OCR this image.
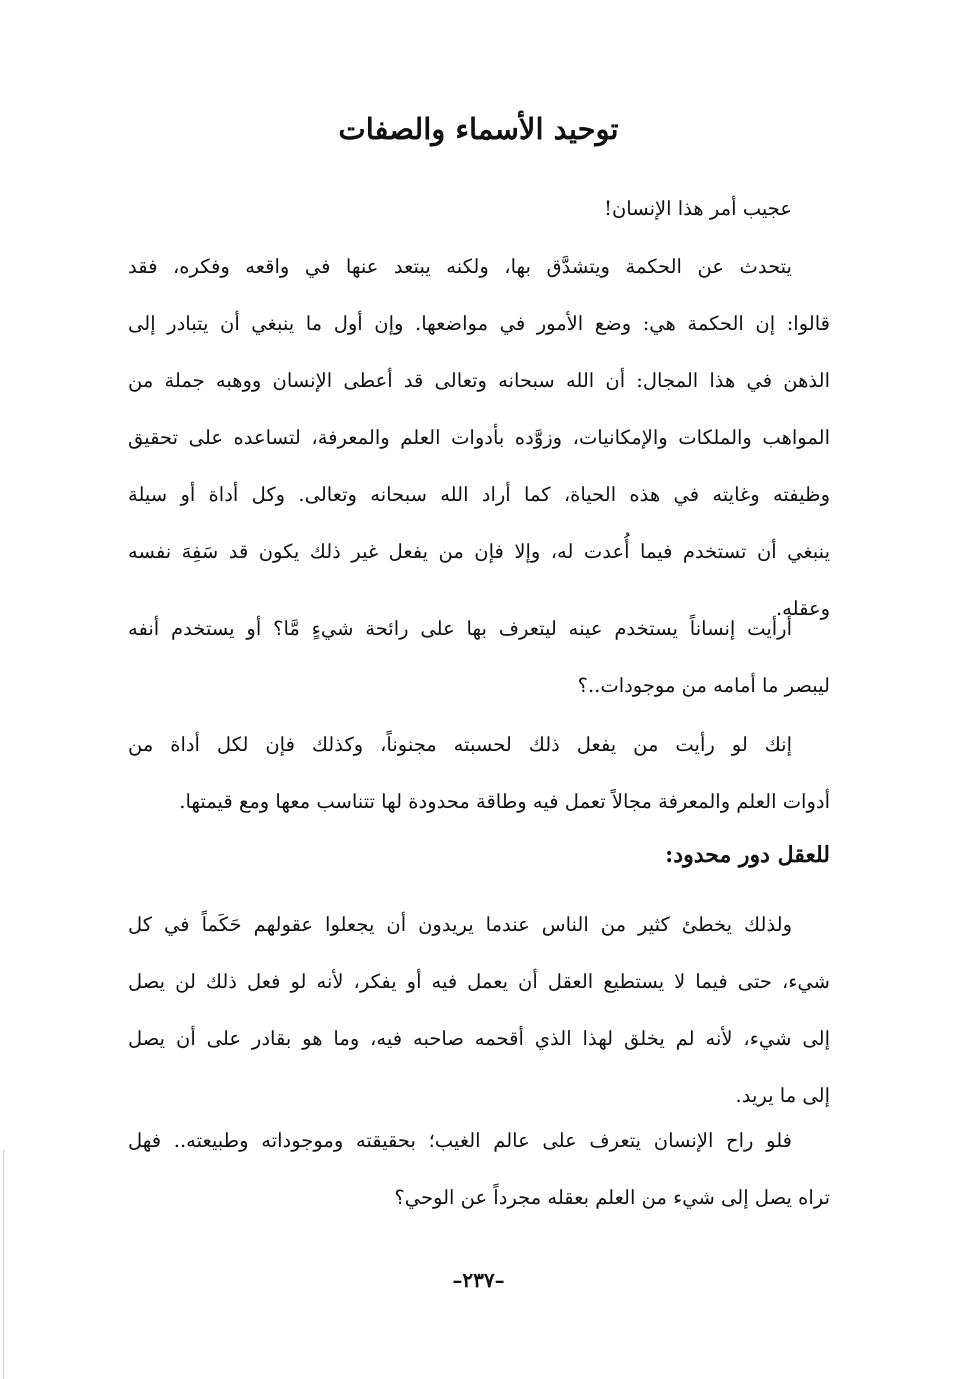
توحيد الأسماء والصفات
عجيب أمر هذا الإنسان!
يتحدث عن الحكمة ويتشدَّق بها، ولكنه يبتعد عنها في واقعه وفكره، فقد
قالوا: إن الحكمة هي: وضع الأمور في مواضعها. وإن أول ما ينبغي أن يتبادر إلى
الذهن في هذا المجال: أن الله سبحانه وتعالى قد أعطى الإنسان ووهبه جملة من
المواهب والملكات والإمكانيات، وزوَّده بأدوات العلم والمعرفة، لتساعده على تحقيق
وظيفته وغايته في هذه الحياة، كما أراد الله سبحانه وتعالى. وكل أداة أو سيلة
ينبغي أن تستخدم فيما أُعدت له، وإلا فإن من يفعل غير ذلك يكون قد سَفِهَ نفسه
وعقله.
أرأيت إنساناً يستخدم عينه ليتعرف بها على رائحة شيءٍ مَّا؟ أو يستخدم أنفه
ليبصر ما أمامه من موجودات..؟
إنك لو رأيت من يفعل ذلك لحسبته مجنوناً، وكذلك فإن لكل أداة من
أدوات العلم والمعرفة مجالاً تعمل فيه وطاقة محدودة لها تتناسب معها ومع قيمتها.
للعقل دور محدود:
ولذلك يخطئ كثير من الناس عندما يريدون أن يجعلوا عقولهم حَكَماً في كل
شيء، حتى فيما لا يستطيع العقل أن يعمل فيه أو يفكر، لأنه لو فعل ذلك لن يصل
إلى شيء، لأنه لم يخلق لهذا الذي أقحمه صاحبه فيه، وما هو بقادر على أن يصل
إلى ما يريد.
فلو راح الإنسان يتعرف على عالم الغيب؛ بحقيقته وموجوداته وطبيعته.. فهل
تراه يصل إلى شيء من العلم بعقله مجرداً عن الوحي؟
–٢٣٧–
